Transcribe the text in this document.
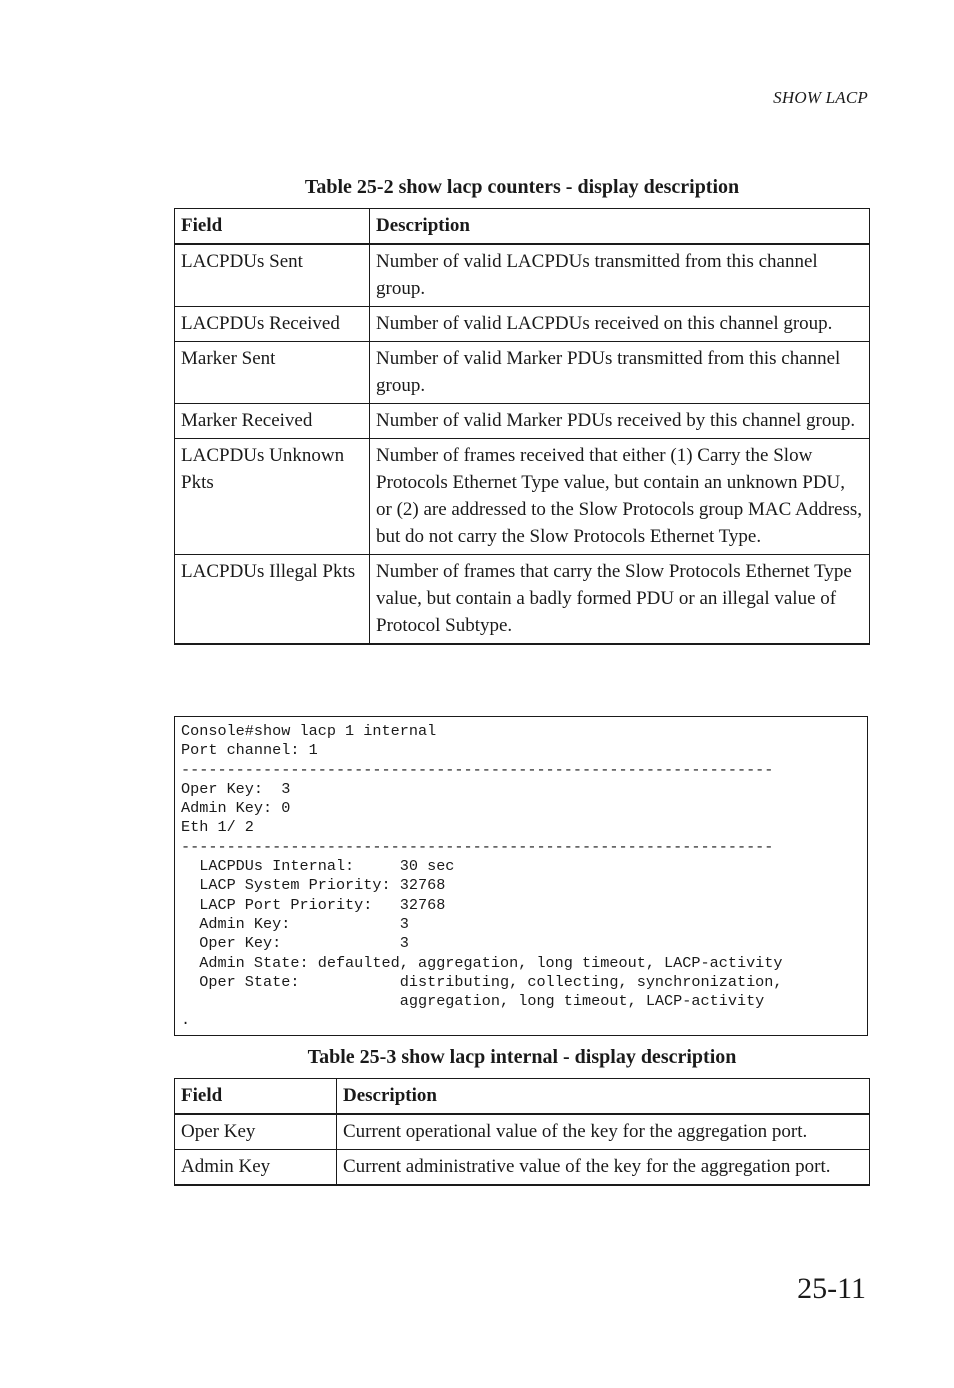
SHOW LACP
Table 25-2 show lacp counters - display description
Field	Description
LACPDUs Sent	Number of valid LACPDUs transmitted from this channel group.
LACPDUs Received	Number of valid LACPDUs received on this channel group.
Marker Sent	Number of valid Marker PDUs transmitted from this channel group.
Marker Received	Number of valid Marker PDUs received by this channel group.
LACPDUs Unknown Pkts	Number of frames received that either (1) Carry the Slow Protocols Ethernet Type value, but contain an unknown PDU, or (2) are addressed to the Slow Protocols group MAC Address, but do not carry the Slow Protocols Ethernet Type.
LACPDUs Illegal Pkts	Number of frames that carry the Slow Protocols Ethernet Type value, but contain a badly formed PDU or an illegal value of Protocol Subtype.
Console#show lacp 1 internal
Port channel: 1
-----------------------------------------------------------------
Oper Key:  3
Admin Key: 0
Eth 1/ 2
-----------------------------------------------------------------
LACPDUs Internal:     30 sec
LACP System Priority: 32768
LACP Port Priority:   32768
Admin Key:            3
Oper Key:             3
Admin State: defaulted, aggregation, long timeout, LACP-activity
Oper State:           distributing, collecting, synchronization,
aggregation, long timeout, LACP-activity
.
Table 25-3 show lacp internal - display description
Field	Description
Oper Key	Current operational value of the key for the aggregation port.
Admin Key	Current administrative value of the key for the aggregation port.
25-11
